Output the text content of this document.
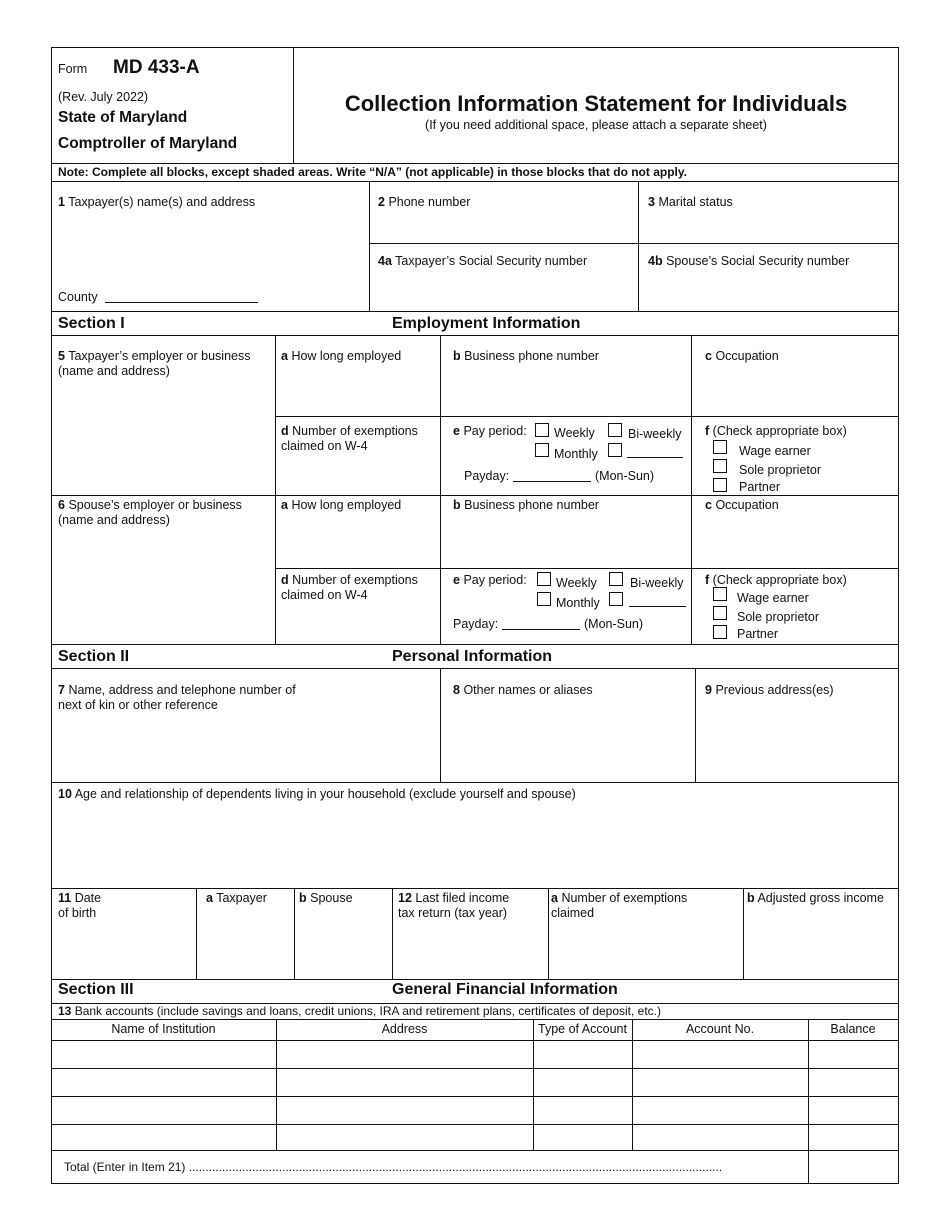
Form MD 433-A
(Rev. July 2022)
State of Maryland
Comptroller of Maryland
Collection Information Statement for Individuals
(If you need additional space, please attach a separate sheet)
Note: Complete all blocks, except shaded areas. Write “N/A” (not applicable) in those blocks that do not apply.
1 Taxpayer(s) name(s) and address
County
2 Phone number	3 Marital status
4a Taxpayer’s Social Security number	4b Spouse’s Social Security number
Section I	Employment Information
5 Taxpayer’s employer or business
(name and address)
a How long employed	b Business phone number	c Occupation
d Number of exemptions
claimed on W-4
e Pay period: Weekly	Bi-weekly
Monthly
Payday:	(Mon-Sun)
f (Check appropriate box)
Wage earner
Sole proprietor
Partner
6 Spouse’s employer or business
(name and address)
a How long employed	b Business phone number	c Occupation
d Number of exemptions
claimed on W-4
e Pay period: Weekly	Bi-weekly
Monthly
Payday:	(Mon-Sun)
f (Check appropriate box)
Wage earner
Sole proprietor
Partner
Section II	Personal Information
7 Name, address and telephone number of
next of kin or other reference
8 Other names or aliases	9 Previous address(es)
10 Age and relationship of dependents living in your household (exclude yourself and spouse)
11 Date
of birth
a Taxpayer	b Spouse	12 Last filed income
tax return (tax year)
a Number of exemptions
claimed
b Adjusted gross income
Section III	General Financial Information
13 Bank accounts (include savings and loans, credit unions, IRA and retirement plans, certificates of deposit, etc.)
Name of Institution	Address	Type of Account	Account No.	Balance
Total (Enter in Item 21) ................................................................................................................................................................
